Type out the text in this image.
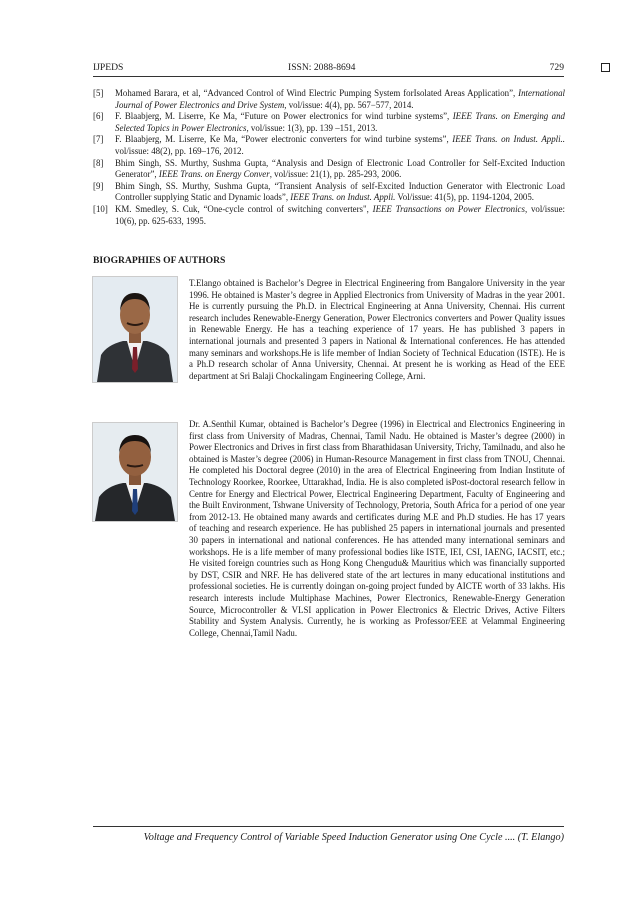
IJPEDS	ISSN: 2088-8694	729
[5]	Mohamed Barara, et al, “Advanced Control of Wind Electric Pumping System forIsolated Areas Application”, International Journal of Power Electronics and Drive System, vol/issue: 4(4), pp. 567−577, 2014.
[6]	F. Blaabjerg, M. Liserre, Ke Ma, “Future on Power electronics for wind turbine systems”, IEEE Trans. on Emerging and Selected Topics in Power Electronics, vol/issue: 1(3), pp. 139 –151, 2013.
[7]	F. Blaabjerg, M. Liserre, Ke Ma, “Power electronic converters for wind turbine systems”, IEEE Trans. on Indust. Appli.. vol/issue: 48(2), pp. 169–176, 2012.
[8]	Bhim Singh, SS. Murthy, Sushma Gupta, “Analysis and Design of Electronic Load Controller for Self-Excited Induction Generator”, IEEE Trans. on Energy Conver, vol/issue: 21(1), pp. 285-293, 2006.
[9]	Bhim Singh, SS. Murthy, Sushma Gupta, “Transient Analysis of self-Excited Induction Generator with Electronic Load Controller supplying Static and Dynamic loads”, IEEE Trans. on Indust. Appli. Vol/issue: 41(5), pp. 1194-1204, 2005.
[10] KM. Smedley, S. Cuk, “One-cycle control of switching converters", IEEE Transactions on Power Electronics, vol/issue: 10(6), pp. 625-633, 1995.
BIOGRAPHIES OF AUTHORS
T.Elango obtained is Bachelor’s Degree in Electrical Engineering from Bangalore University in the year 1996. He obtained is Master’s degree in Applied Electronics from University of Madras in the year 2001. He is currently pursuing the Ph.D. in Electrical Engineering at Anna University, Chennai. His current research includes Renewable-Energy Generation, Power Electronics converters and Power Quality issues in Renewable Energy. He has a teaching experience of 17 years. He has published 3 papers in international journals and presented 3 papers in National & International conferences. He has attended many seminars and workshops.He is life member of Indian Society of Technical Education (ISTE). He is a Ph.D research scholar of Anna University, Chennai. At present he is working as Head of the EEE department at Sri Balaji Chockalingam Engineering College, Arni.
Dr. A.Senthil Kumar, obtained is Bachelor’s Degree (1996) in Electrical and Electronics Engineering in first class from University of Madras, Chennai, Tamil Nadu. He obtained is Master’s degree (2000) in Power Electronics and Drives in first class from Bharathidasan University, Trichy, Tamilnadu, and also he obtained is Master’s degree (2006) in Human-Resource Management in first class from TNOU, Chennai. He completed his Doctoral degree (2010) in the area of Electrical Engineering from Indian Institute of Technology Roorkee, Roorkee, Uttarakhad, India. He is also completed isPost-doctoral research fellow in Centre for Energy and Electrical Power, Electrical Engineering Department, Faculty of Engineering and the Built Environment, Tshwane University of Technology, Pretoria, South Africa for a period of one year from 2012-13. He obtained many awards and certificates during M.E and Ph.D studies. He has 17 years of teaching and research experience. He has published 25 papers in international journals and presented 30 papers in international and national conferences. He has attended many international seminars and workshops. He is a life member of many professional bodies like ISTE, IEI, CSI, IAENG, IACSIT, etc.; He visited foreign countries such as Hong Kong Chengudu& Mauritius which was financially supported by DST, CSIR and NRF. He has delivered state of the art lectures in many educational institutions and professional societies. He is currently doingan on-going project funded by AICTE worth of 33 lakhs. His research interests include Multiphase Machines, Power Electronics, Renewable-Energy Generation Source, Microcontroller & VLSI application in Power Electronics & Electric Drives, Active Filters Stability and System Analysis. Currently, he is working as Professor/EEE at Velammal Engineering College, Chennai,Tamil Nadu.
Voltage and Frequency Control of Variable Speed Induction Generator using One Cycle .... (T. Elango)
